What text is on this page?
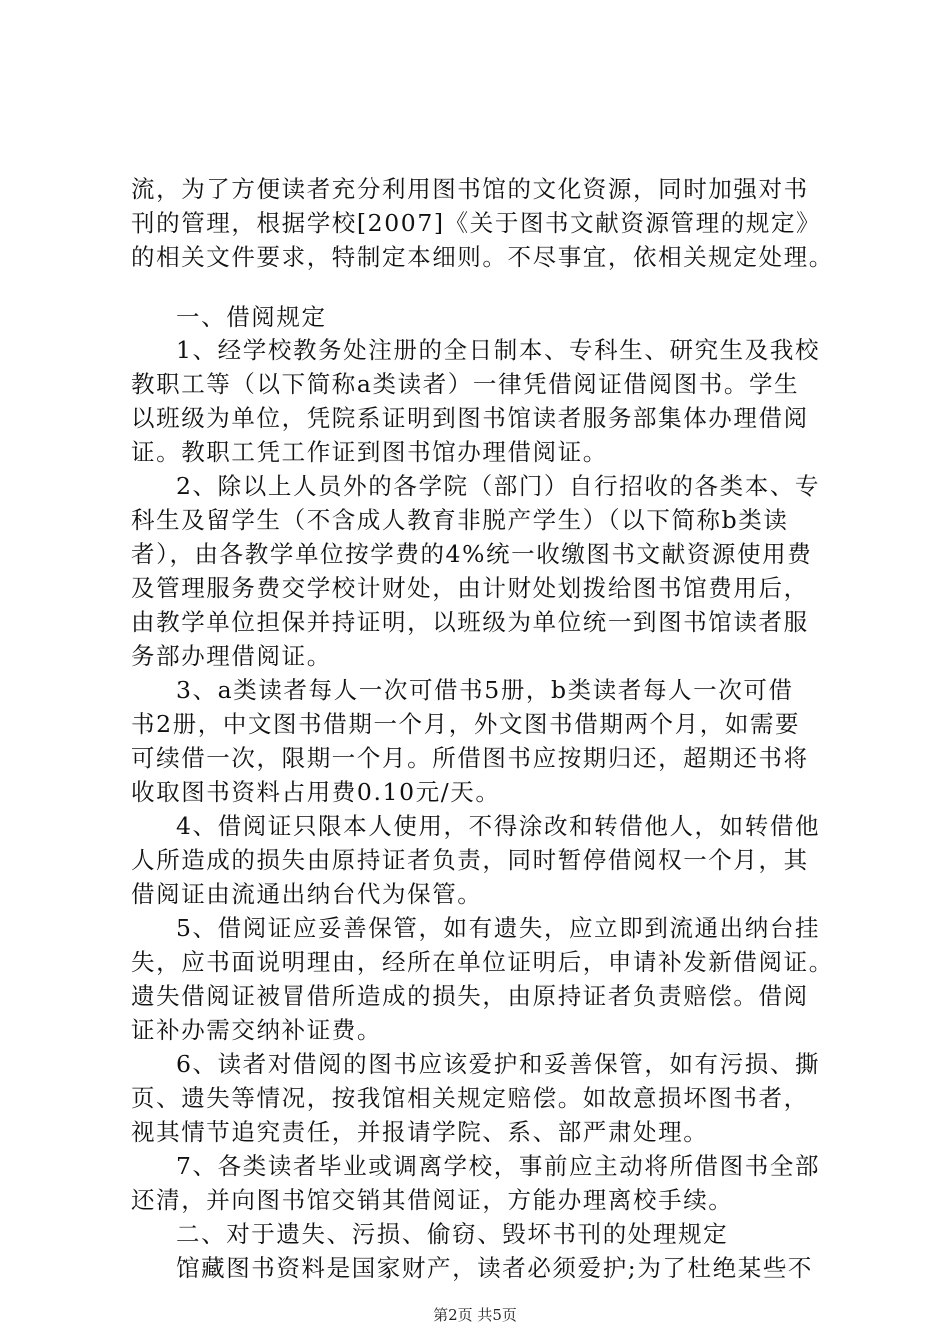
流，为了方便读者充分利用图书馆的文化资源，同时加强对书
刊的管理，根据学校[2007]《关于图书文献资源管理的规定》
的相关文件要求，特制定本细则。不尽事宜，依相关规定处理。
一、借阅规定
1、经学校教务处注册的全日制本、专科生、研究生及我校
教职工等（以下简称a类读者）一律凭借阅证借阅图书。学生
以班级为单位，凭院系证明到图书馆读者服务部集体办理借阅
证。教职工凭工作证到图书馆办理借阅证。
2、除以上人员外的各学院（部门）自行招收的各类本、专
科生及留学生（不含成人教育非脱产学生）（以下简称b类读
者），由各教学单位按学费的4%统一收缴图书文献资源使用费
及管理服务费交学校计财处，由计财处划拨给图书馆费用后，
由教学单位担保并持证明，以班级为单位统一到图书馆读者服
务部办理借阅证。
3、a类读者每人一次可借书5册，b类读者每人一次可借
书2册，中文图书借期一个月，外文图书借期两个月，如需要
可续借一次，限期一个月。所借图书应按期归还，超期还书将
收取图书资料占用费0.10元/天。
4、借阅证只限本人使用，不得涂改和转借他人，如转借他
人所造成的损失由原持证者负责，同时暂停借阅权一个月，其
借阅证由流通出纳台代为保管。
5、借阅证应妥善保管，如有遗失，应立即到流通出纳台挂
失，应书面说明理由，经所在单位证明后，申请补发新借阅证。
遗失借阅证被冒借所造成的损失，由原持证者负责赔偿。借阅
证补办需交纳补证费。
6、读者对借阅的图书应该爱护和妥善保管，如有污损、撕
页、遗失等情况，按我馆相关规定赔偿。如故意损坏图书者，
视其情节追究责任，并报请学院、系、部严肃处理。
7、各类读者毕业或调离学校，事前应主动将所借图书全部
还清，并向图书馆交销其借阅证，方能办理离校手续。
二、对于遗失、污损、偷窃、毁坏书刊的处理规定
馆藏图书资料是国家财产，读者必须爱护;为了杜绝某些不
第2页 共5页
